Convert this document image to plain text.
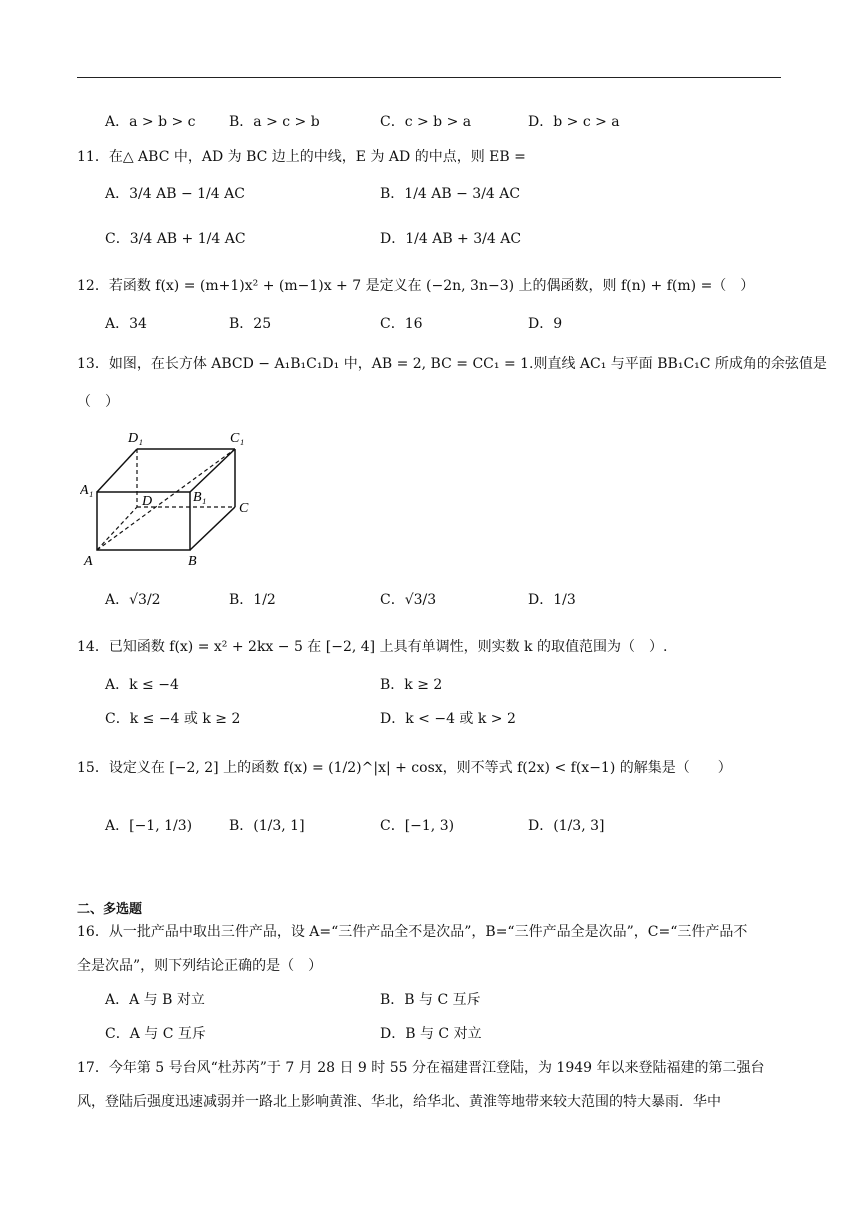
A．a > b > c B．a > c > b	C．c > b > a	D．b > c > a
11．在△ ABC 中，AD 为 BC 边上的中线，E 为 AD 的中点，则 EB =
A．3/4 AB − 1/4 AC	B．1/4 AB − 3/4 AC
C．3/4 AB + 1/4 AC	D．1/4 AB + 3/4 AC
12．若函数 f(x) = (m+1)x² + (m−1)x + 7 是定义在 (−2n, 3n−3) 上的偶函数，则 f(n) + f(m) =（　）
A．34	B．25	C．16	D．9
13．如图，在长方体 ABCD − A₁B₁C₁D₁ 中，AB = 2, BC = CC₁ = 1.则直线 AC₁ 与平面 BB₁C₁C 所成角的余弦值是
（　）
D₁	C₁
A₁
D	B₁
C
A	B
A．√3/2	B．1/2	C．√3/3	D．1/3
14．已知函数 f(x) = x² + 2kx − 5 在 [−2, 4] 上具有单调性，则实数 k 的取值范围为（　）.
A．k ≤ −4	B．k ≥ 2
C．k ≤ −4 或 k ≥ 2	D．k < −4 或 k > 2
15．设定义在 [−2, 2] 上的函数 f(x) = (1/2)^|x| + cosx，则不等式 f(2x) < f(x−1) 的解集是（　　）
A．[−1, 1/3)	B．(1/3, 1]	C．[−1, 3)	D．(1/3, 3]
二、多选题
16．从一批产品中取出三件产品，设 A=“三件产品全不是次品”，B=“三件产品全是次品”，C=“三件产品不
全是次品”，则下列结论正确的是（　）
A．A 与 B 对立	B．B 与 C 互斥
C．A 与 C 互斥	D．B 与 C 对立
17．今年第 5 号台风“杜苏芮”于 7 月 28 日 9 时 55 分在福建晋江登陆，为 1949 年以来登陆福建的第二强台风，登陆后强度迅速减弱并一路北上影响黄淮、华北，给华北、黄淮等地带来较大范围的特大暴雨．华中
